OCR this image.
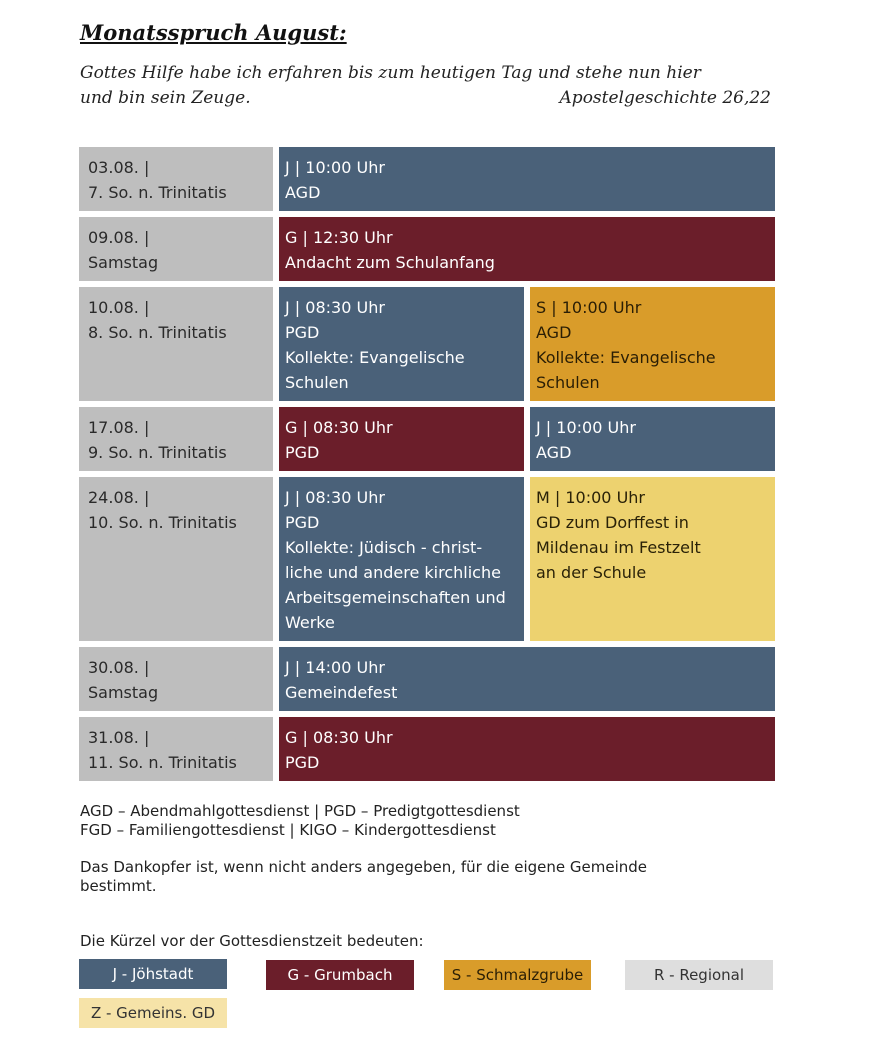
Monatsspruch August:
Gottes Hilfe habe ich erfahren bis zum heutigen Tag und stehe nun hier
und bin sein Zeuge.	Apostelgeschichte 26,22
03.08. |
7. So. n. Trinitatis
J | 10:00 Uhr
AGD
09.08. |
Samstag
G | 12:30 Uhr
Andacht zum Schulanfang
10.08. |
8. So. n. Trinitatis
J | 08:30 Uhr
PGD
Kollekte: Evangelische
Schulen
S | 10:00 Uhr
AGD
Kollekte: Evangelische
Schulen
17.08. |
9. So. n. Trinitatis
G | 08:30 Uhr
PGD
J | 10:00 Uhr
AGD
24.08. |
10. So. n. Trinitatis
J | 08:30 Uhr
PGD
Kollekte: Jüdisch - christ-
liche und andere kirchliche
Arbeitsgemeinschaften und
Werke
M | 10:00 Uhr
GD zum Dorffest in
Mildenau im Festzelt
an der Schule
30.08. |
Samstag
J | 14:00 Uhr
Gemeindefest
31.08. |
11. So. n. Trinitatis
G | 08:30 Uhr
PGD
AGD – Abendmahlgottesdienst | PGD – Predigtgottesdienst
FGD – Familiengottesdienst | KIGO – Kindergottesdienst
Das Dankopfer ist, wenn nicht anders angegeben, für die eigene Gemeinde
bestimmt.
Die Kürzel vor der Gottesdienstzeit bedeuten:
J - Jöhstadt	G - Grumbach	S - Schmalzgrube	R - Regional
Z - Gemeins. GD
